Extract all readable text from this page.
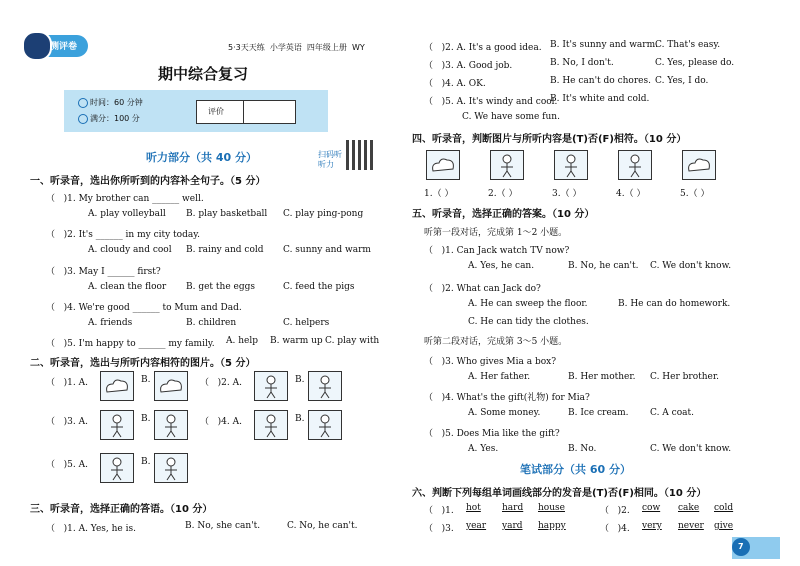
测评卷	5·3天天练 小学英语 四年级上册 WY
期中综合复习
时间：60 分钟
满分：100 分
评价
听力部分（共 40 分）	扫码听听力
一、听录音，选出你所听到的内容补全句子。（5 分）
（ )1. My brother can ______ well.
A. play volleyball B. play basketball C. play ping-pong
（ )2. It's ______ in my city today.
A. cloudy and cool B. rainy and cold C. sunny and warm
（ )3. May I ______ first?
A. clean the floor B. get the eggs	C. feed the pigs
（ )4. We're good ______ to Mum and Dad.
A. friends	B. children	C. helpers
（ )5. I'm happy to ______ my family. A. help B. warm up C. play with
二、听录音，选出与所听内容相符的图片。（5 分）
（ )1. A.	B.	（ )2. A.	B.
（ )3. A.	B.	（ )4. A.	B.
（ )5. A.	B.
三、听录音，选择正确的答语。（10 分）
（ )1. A. Yes, he is.	B. No, she can't.	C. No, he can't.
（ )2. A. It's a good idea. B. It's sunny and warm.
C. That's easy.
（ )3. A. Good job.	B. No, I don't.	C. Yes, please do.
（ )4. A. OK.	B. He can't do chores. C. Yes, I do.
（ )5. A. It's windy and cool.
B. It's white and cold.
C. We have some fun.
四、听录音，判断图片与所听内容是(T)否(F)相符。（10 分）
1.（ ）	2.（ ）	3.（ ）	4.（ ）	5.（ ）
五、听录音，选择正确的答案。（10 分）
听第一段对话，完成第 1～2 小题。
听第二段对话，完成第 3～5 小题。
（ )1. Can Jack watch TV now?
A. Yes, he can.	B. No, he can't. C. We don't know.
（ )2. What can Jack do?
A. He can sweep the floor.	B. He can do homework.
C. He can tidy the clothes.
（ )3. Who gives Mia a box?
A. Her father.	B. Her mother. C. Her brother.
（ )4. What's the gift(礼物) for Mia?
A. Some money.	B. Ice cream. C. A coat.
（ )5. Does Mia like the gift?
A. Yes.	B. No.	C. We don't know.
笔试部分（共 60 分）
六、判断下列每组单词画线部分的发音是(T)否(F)相同。（10 分）
（ )1. hot hard house	（ )2. cow cake cold
（ )3. year yard happy	（ )4. very never give
7
